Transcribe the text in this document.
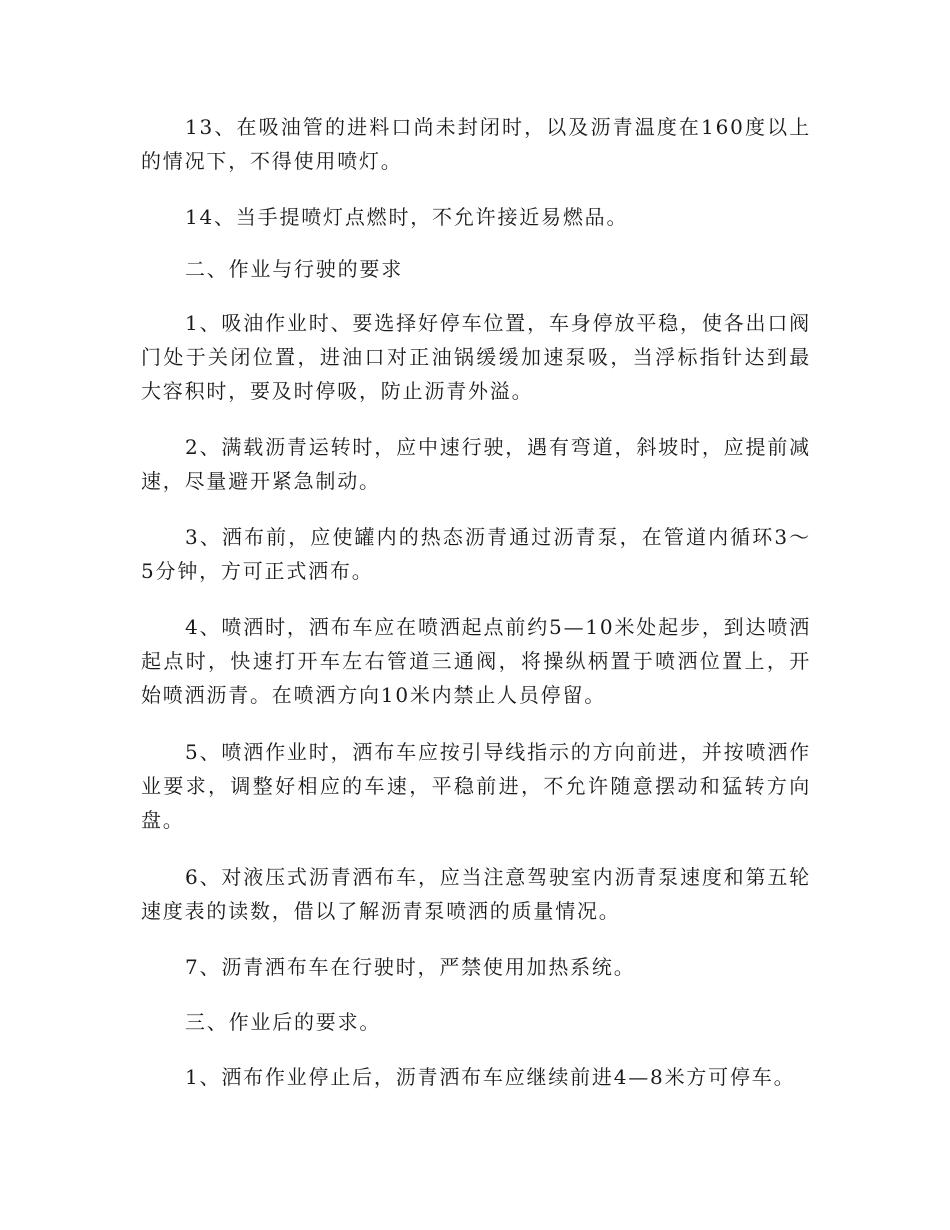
13、在吸油管的进料口尚未封闭时，以及沥青温度在160度以上的情况下，不得使用喷灯。

14、当手提喷灯点燃时，不允许接近易燃品。

二、作业与行驶的要求

1、吸油作业时、要选择好停车位置，车身停放平稳，使各出口阀门处于关闭位置，进油口对正油锅缓缓加速泵吸，当浮标指针达到最大容积时，要及时停吸，防止沥青外溢。

2、满载沥青运转时，应中速行驶，遇有弯道，斜坡时，应提前减速，尽量避开紧急制动。

3、洒布前，应使罐内的热态沥青通过沥青泵，在管道内循环3～5分钟，方可正式洒布。

4、喷洒时，洒布车应在喷洒起点前约5—10米处起步，到达喷洒起点时，快速打开车左右管道三通阀，将操纵柄置于喷洒位置上，开始喷洒沥青。在喷洒方向10米内禁止人员停留。

5、喷洒作业时，洒布车应按引导线指示的方向前进，并按喷洒作业要求，调整好相应的车速，平稳前进，不允许随意摆动和猛转方向盘。

6、对液压式沥青洒布车，应当注意驾驶室内沥青泵速度和第五轮速度表的读数，借以了解沥青泵喷洒的质量情况。

7、沥青洒布车在行驶时，严禁使用加热系统。

三、作业后的要求。

1、洒布作业停止后，沥青洒布车应继续前进4—8米方可停车。
